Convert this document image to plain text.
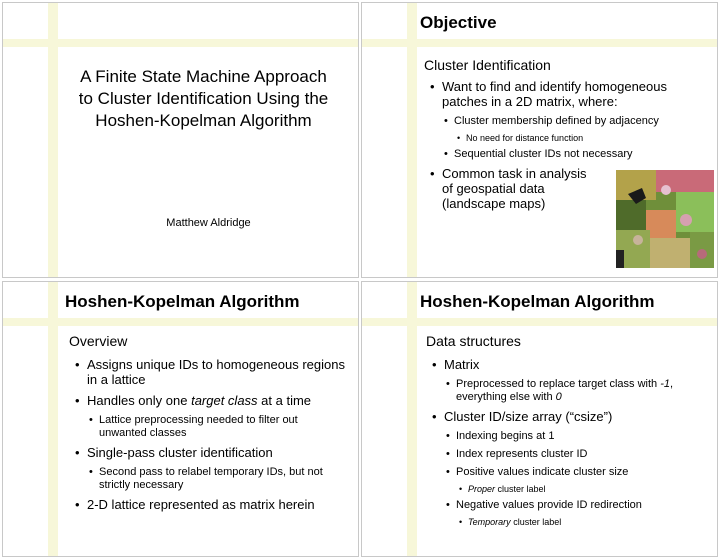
A Finite State Machine Approach
to Cluster Identification Using the
Hoshen-Kopelman Algorithm
Matthew Aldridge
Objective
Cluster Identification
• Want to find and identify homogeneous patches in a 2D matrix, where:
• Cluster membership defined by adjacency
• No need for distance function
• Sequential cluster IDs not necessary
• Common task in analysis of geospatial data (landscape maps)
Hoshen-Kopelman Algorithm
Overview
• Assigns unique IDs to homogeneous regions in a lattice
• Handles only one target class at a time
• Lattice preprocessing needed to filter out unwanted classes
• Single-pass cluster identification
• Second pass to relabel temporary IDs, but not strictly necessary
• 2-D lattice represented as matrix herein
Hoshen-Kopelman Algorithm
Data structures
• Matrix
• Preprocessed to replace target class with -1, everything else with 0
• Cluster ID/size array (“csize”)
• Indexing begins at 1
• Index represents cluster ID
• Positive values indicate cluster size
• Proper cluster label
• Negative values provide ID redirection
• Temporary cluster label
